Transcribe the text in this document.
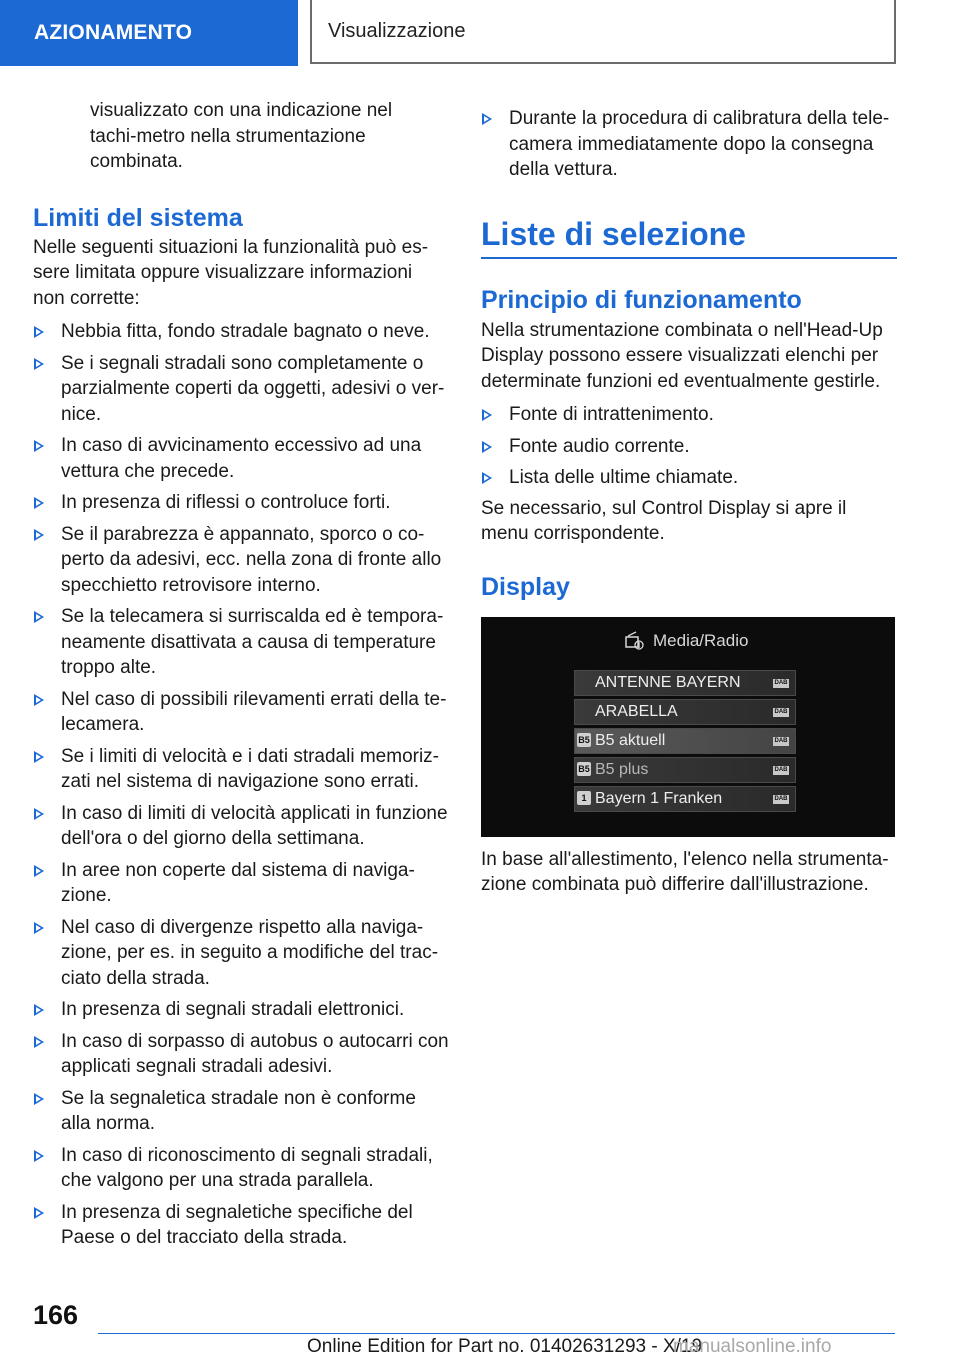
AZIONAMENTO	Visualizzazione

visualizzato con una indicazione nel tachi-metro nella strumentazione combinata.

Limiti del sistema

Nelle seguenti situazioni la funzionalità può es-sere limitata oppure visualizzare informazioni non corrette:

Nebbia fitta, fondo stradale bagnato o neve.
Se i segnali stradali sono completamente o parzialmente coperti da oggetti, adesivi o ver-nice.
In caso di avvicinamento eccessivo ad una vettura che precede.
In presenza di riflessi o controluce forti.
Se il parabrezza è appannato, sporco o co-perto da adesivi, ecc. nella zona di fronte allo specchietto retrovisore interno.
Se la telecamera si surriscalda ed è tempora-neamente disattivata a causa di temperature troppo alte.
Nel caso di possibili rilevamenti errati della te-lecamera.
Se i limiti di velocità e i dati stradali memoriz-zati nel sistema di navigazione sono errati.
In caso di limiti di velocità applicati in funzione dell'ora o del giorno della settimana.
In aree non coperte dal sistema di naviga-zione.
Nel caso di divergenze rispetto alla naviga-zione, per es. in seguito a modifiche del trac-ciato della strada.
In presenza di segnali stradali elettronici.
In caso di sorpasso di autobus o autocarri con applicati segnali stradali adesivi.
Se la segnaletica stradale non è conforme alla norma.
In caso di riconoscimento di segnali stradali, che valgono per una strada parallela.
In presenza di segnaletiche specifiche del Paese o del tracciato della strada.
Durante la procedura di calibratura della tele-camera immediatamente dopo la consegna della vettura.
Liste di selezione
Principio di funzionamento

Nella strumentazione combinata o nell'Head-Up Display possono essere visualizzati elenchi per determinate funzioni ed eventualmente gestirle.

Fonte di intrattenimento.
Fonte audio corrente.
Lista delle ultime chiamate.

Se necessario, sul Control Display si apre il menu corrispondente.

Display
Media/Radio
ANTENNE BAYERN	DAB
ARABELLA	DAB
B5 B5 aktuell	DAB
B5 B5 plus	DAB
1 Bayern 1 Franken	DAB

In base all'allestimento, l'elenco nella strumenta-zione combinata può differire dall'illustrazione.

166
Online Edition for Part no. 01402631293 - X/19
manualsonline.info
